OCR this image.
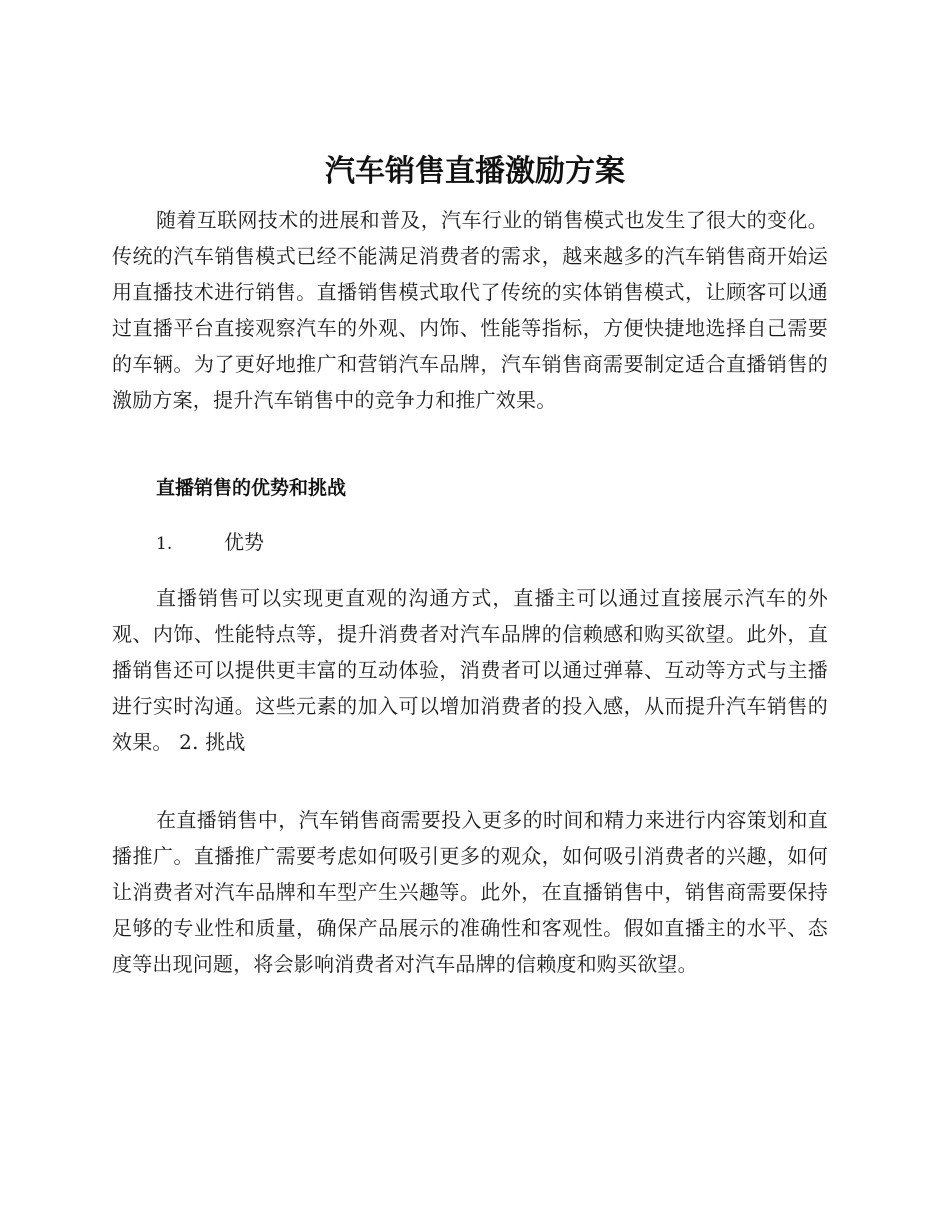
汽车销售直播激励方案

随着互联网技术的进展和普及，汽车行业的销售模式也发生了很大的变化。传统的汽车销售模式已经不能满足消费者的需求，越来越多的汽车销售商开始运用直播技术进行销售。直播销售模式取代了传统的实体销售模式，让顾客可以通过直播平台直接观察汽车的外观、内饰、性能等指标，方便快捷地选择自己需要的车辆。为了更好地推广和营销汽车品牌，汽车销售商需要制定适合直播销售的激励方案，提升汽车销售中的竞争力和推广效果。

直播销售的优势和挑战
1.	优势

直播销售可以实现更直观的沟通方式，直播主可以通过直接展示汽车的外观、内饰、性能特点等，提升消费者对汽车品牌的信赖感和购买欲望。此外，直播销售还可以提供更丰富的互动体验，消费者可以通过弹幕、互动等方式与主播进行实时沟通。这些元素的加入可以增加消费者的投入感，从而提升汽车销售的效果。 2. 挑战

在直播销售中，汽车销售商需要投入更多的时间和精力来进行内容策划和直播推广。直播推广需要考虑如何吸引更多的观众，如何吸引消费者的兴趣，如何让消费者对汽车品牌和车型产生兴趣等。此外，在直播销售中，销售商需要保持足够的专业性和质量，确保产品展示的准确性和客观性。假如直播主的水平、态度等出现问题，将会影响消费者对汽车品牌的信赖度和购买欲望。
